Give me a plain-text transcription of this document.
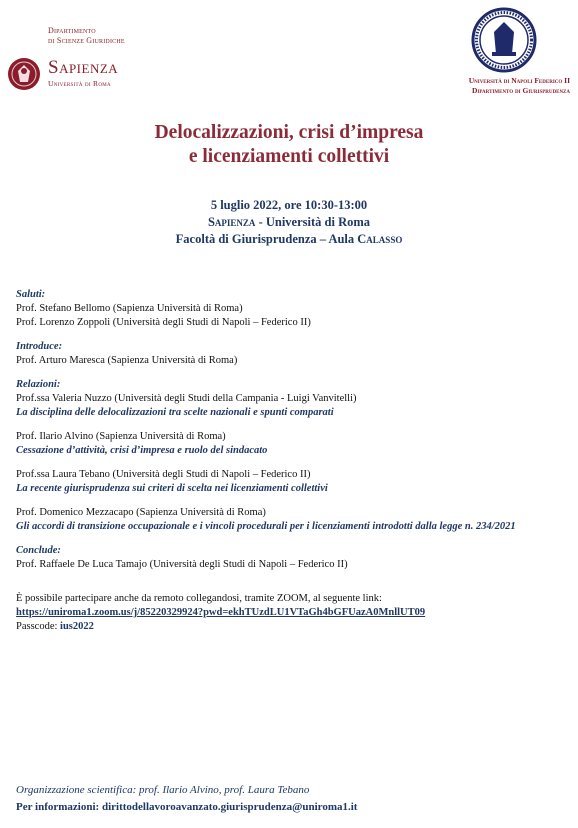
Dipartimento
di Scienze Giuridiche
Sapienza
Università di Roma	Università di Napoli Federico II
Dipartimento di Giurisprudenza
Delocalizzazioni, crisi d’impresa
e licenziamenti collettivi
5 luglio 2022, ore 10:30-13:00
Sapienza - Università di Roma
Facoltà di Giurisprudenza – Aula Calasso
Saluti:
Prof. Stefano Bellomo (Sapienza Università di Roma)
Prof. Lorenzo Zoppoli (Università degli Studi di Napoli – Federico II)
Introduce:
Prof. Arturo Maresca (Sapienza Università di Roma)
Relazioni:
Prof.ssa Valeria Nuzzo (Università degli Studi della Campania - Luigi Vanvitelli)
La disciplina delle delocalizzazioni tra scelte nazionali e spunti comparati
Prof. Ilario Alvino (Sapienza Università di Roma)
Cessazione d’attività, crisi d’impresa e ruolo del sindacato
Prof.ssa Laura Tebano (Università degli Studi di Napoli – Federico II)
La recente giurisprudenza sui criteri di scelta nei licenziamenti collettivi
Prof. Domenico Mezzacapo (Sapienza Università di Roma)
Gli accordi di transizione occupazionale e i vincoli procedurali per i licenziamenti introdotti dalla legge n. 234/2021
Conclude:
Prof. Raffaele De Luca Tamajo (Università degli Studi di Napoli – Federico II)
È possibile partecipare anche da remoto collegandosi, tramite ZOOM, al seguente link:
https://uniroma1.zoom.us/j/85220329924?pwd=ekhTUzdLU1VTaGh4bGFUazA0MnllUT09
Passcode: ius2022
Organizzazione scientifica: prof. Ilario Alvino, prof. Laura Tebano
Per informazioni: dirittodellavoroavanzato.giurisprudenza@uniroma1.it
